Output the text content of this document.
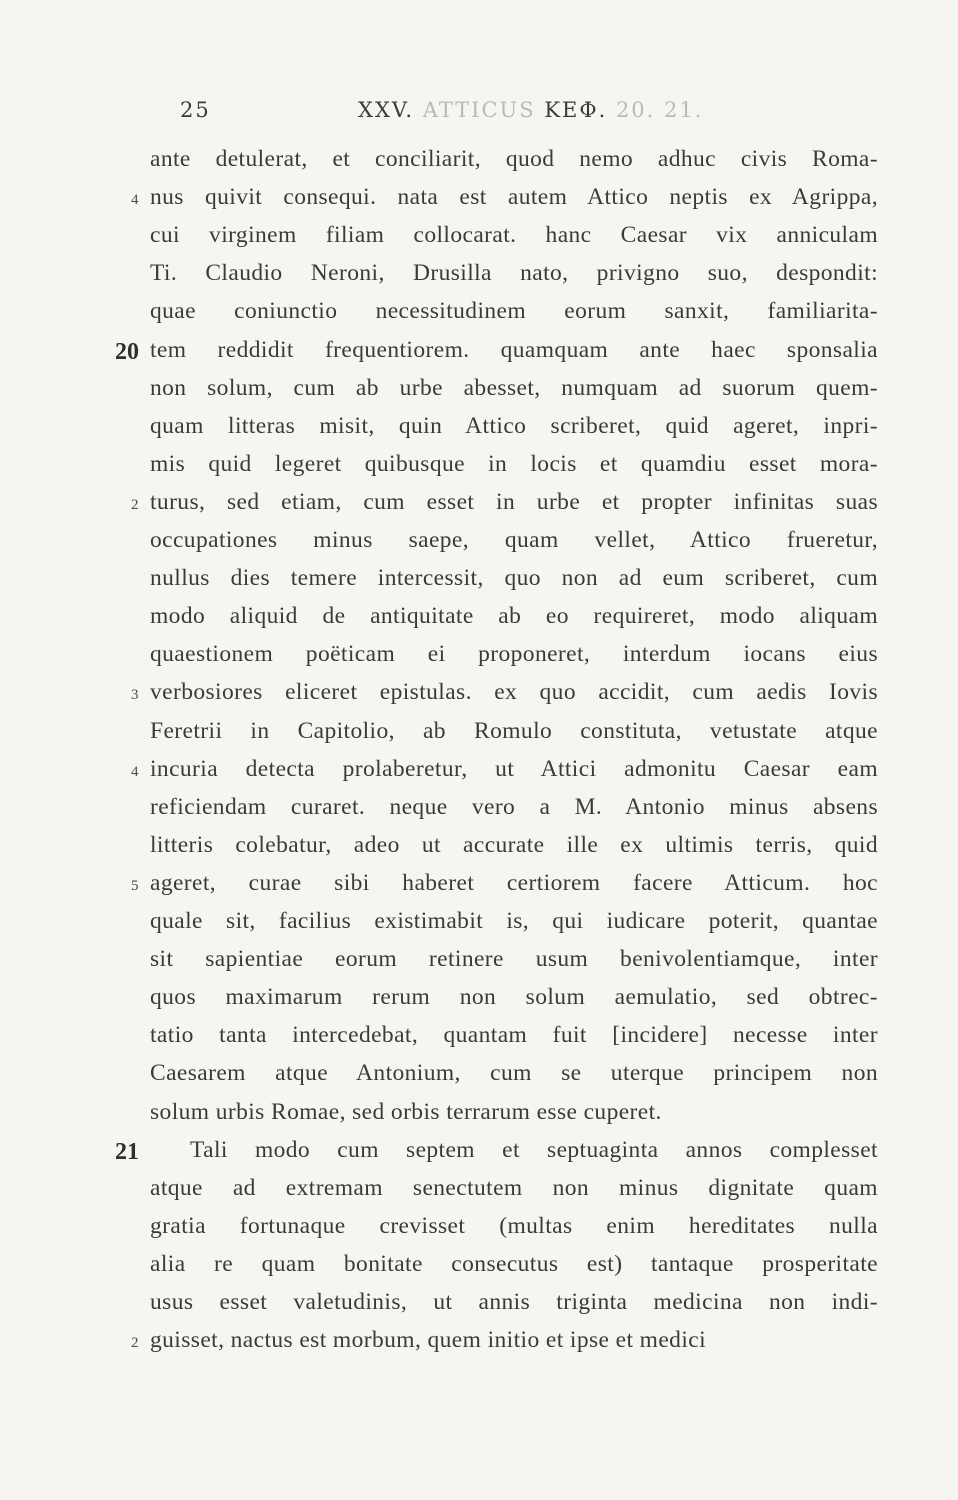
25	XXV. ATTICUS ΚΕΦ. 20. 21.
ante detulerat, et conciliarit, quod nemo adhuc civis Roma-
nus quivit consequi. nata est autem Attico neptis ex Agrippa,
4
cui virginem filiam collocarat. hanc Caesar vix anniculam
Ti. Claudio Neroni, Drusilla nato, privigno suo, despondit:
quae coniunctio necessitudinem eorum sanxit, familiarita-
tem reddidit frequentiorem. quamquam ante haec sponsalia
20
non solum, cum ab urbe abesset, numquam ad suorum quem-
quam litteras misit, quin Attico scriberet, quid ageret, inpri-
mis quid legeret quibusque in locis et quamdiu esset mora-
turus, sed etiam, cum esset in urbe et propter infinitas suas
2
occupationes minus saepe, quam vellet, Attico frueretur,
nullus dies temere intercessit, quo non ad eum scriberet, cum
modo aliquid de antiquitate ab eo requireret, modo aliquam
quaestionem poëticam ei proponeret, interdum iocans eius
verbosiores eliceret epistulas. ex quo accidit, cum aedis Iovis
3
Feretrii in Capitolio, ab Romulo constituta, vetustate atque
incuria detecta prolaberetur, ut Attici admonitu Caesar eam
4
reficiendam curaret. neque vero a M. Antonio minus absens
litteris colebatur, adeo ut accurate ille ex ultimis terris, quid
ageret, curae sibi haberet certiorem facere Atticum. hoc
5
quale sit, facilius existimabit is, qui iudicare poterit, quantae
sit sapientiae eorum retinere usum benivolentiamque, inter
quos maximarum rerum non solum aemulatio, sed obtrec-
tatio tanta intercedebat, quantam fuit [incidere] necesse inter
Caesarem atque Antonium, cum se uterque principem non
solum urbis Romae, sed orbis terrarum esse cuperet.
Tali modo cum septem et septuaginta annos complesset
21
atque ad extremam senectutem non minus dignitate quam
gratia fortunaque crevisset (multas enim hereditates nulla
alia re quam bonitate consecutus est) tantaque prosperitate
usus esset valetudinis, ut annis triginta medicina non indi-
guisset, nactus est morbum, quem initio et ipse et medici
2
